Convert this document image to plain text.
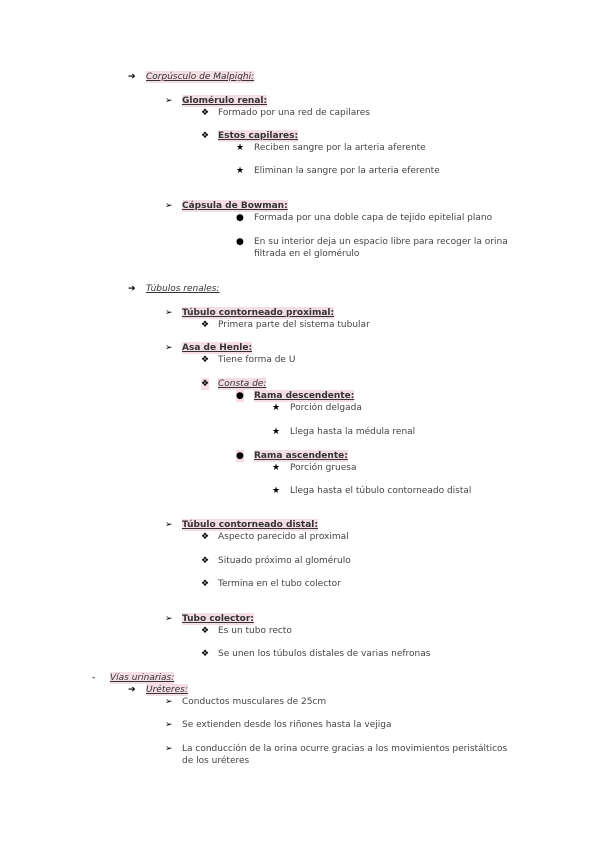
➔ Corpúsculo de Malpighi:
➢ Glomérulo renal:
❖ Formado por una red de capilares
❖ Estos capilares:
★ Reciben sangre por la arteria aferente
★ Eliminan la sangre por la arteria eferente
➢ Cápsula de Bowman:
● Formada por una doble capa de tejido epitelial plano
● En su interior deja un espacio libre para recoger la orina
filtrada en el glomérulo
➔ Túbulos renales:
➢ Túbulo contorneado proximal:
❖ Primera parte del sistema tubular
➢ Asa de Henle:
❖ Tiene forma de U
❖ Consta de:
● Rama descendente:
★ Porción delgada
★ Llega hasta la médula renal
● Rama ascendente:
★ Porción gruesa
★ Llega hasta el túbulo contorneado distal
➢ Túbulo contorneado distal:
❖ Aspecto parecido al proximal
❖ Situado próximo al glomérulo
❖ Termina en el tubo colector
➢ Tubo colector:
❖ Es un tubo recto
❖ Se unen los túbulos distales de varias nefronas
- Vías urinarias:
➔ Uréteres:
➢ Conductos musculares de 25cm
➢ Se extienden desde los riñones hasta la vejiga
➢ La conducción de la orina ocurre gracias a los movimientos peristálticos
de los uréteres
